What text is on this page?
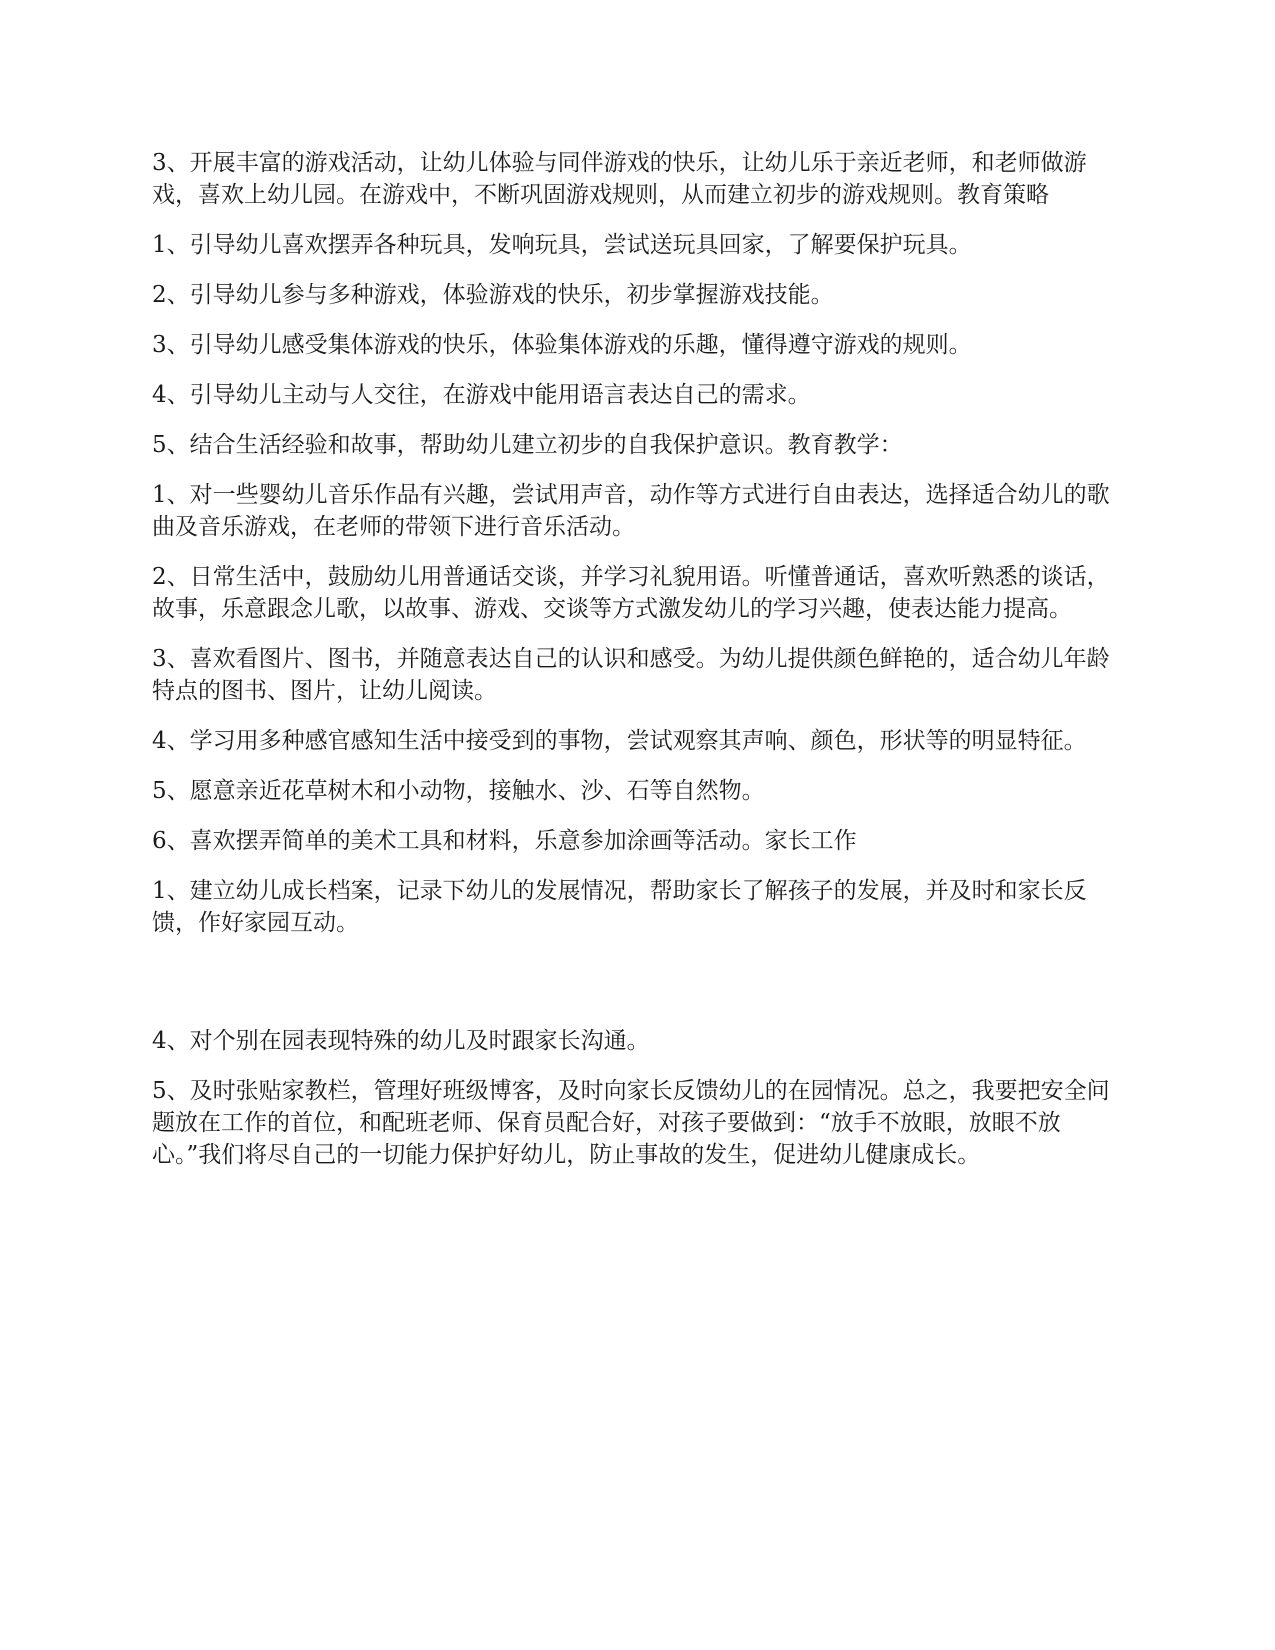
3、开展丰富的游戏活动，让幼儿体验与同伴游戏的快乐，让幼儿乐于亲近老师，和老师做游戏，喜欢上幼儿园。在游戏中，不断巩固游戏规则，从而建立初步的游戏规则。教育策略

1、引导幼儿喜欢摆弄各种玩具，发响玩具，尝试送玩具回家，了解要保护玩具。

2、引导幼儿参与多种游戏，体验游戏的快乐，初步掌握游戏技能。

3、引导幼儿感受集体游戏的快乐，体验集体游戏的乐趣，懂得遵守游戏的规则。

4、引导幼儿主动与人交往，在游戏中能用语言表达自己的需求。

5、结合生活经验和故事，帮助幼儿建立初步的自我保护意识。教育教学：

1、对一些婴幼儿音乐作品有兴趣，尝试用声音，动作等方式进行自由表达，选择适合幼儿的歌曲及音乐游戏，在老师的带领下进行音乐活动。

2、日常生活中，鼓励幼儿用普通话交谈，并学习礼貌用语。听懂普通话，喜欢听熟悉的谈话，故事，乐意跟念儿歌，以故事、游戏、交谈等方式激发幼儿的学习兴趣，使表达能力提高。

3、喜欢看图片、图书，并随意表达自己的认识和感受。为幼儿提供颜色鲜艳的，适合幼儿年龄特点的图书、图片，让幼儿阅读。

4、学习用多种感官感知生活中接受到的事物，尝试观察其声响、颜色，形状等的明显特征。

5、愿意亲近花草树木和小动物，接触水、沙、石等自然物。

6、喜欢摆弄简单的美术工具和材料，乐意参加涂画等活动。家长工作

1、建立幼儿成长档案，记录下幼儿的发展情况，帮助家长了解孩子的发展，并及时和家长反馈，作好家园互动。

4、对个别在园表现特殊的幼儿及时跟家长沟通。

5、及时张贴家教栏，管理好班级博客，及时向家长反馈幼儿的在园情况。总之，我要把安全问题放在工作的首位，和配班老师、保育员配合好，对孩子要做到：“放手不放眼，放眼不放心。”我们将尽自己的一切能力保护好幼儿，防止事故的发生，促进幼儿健康成长。
